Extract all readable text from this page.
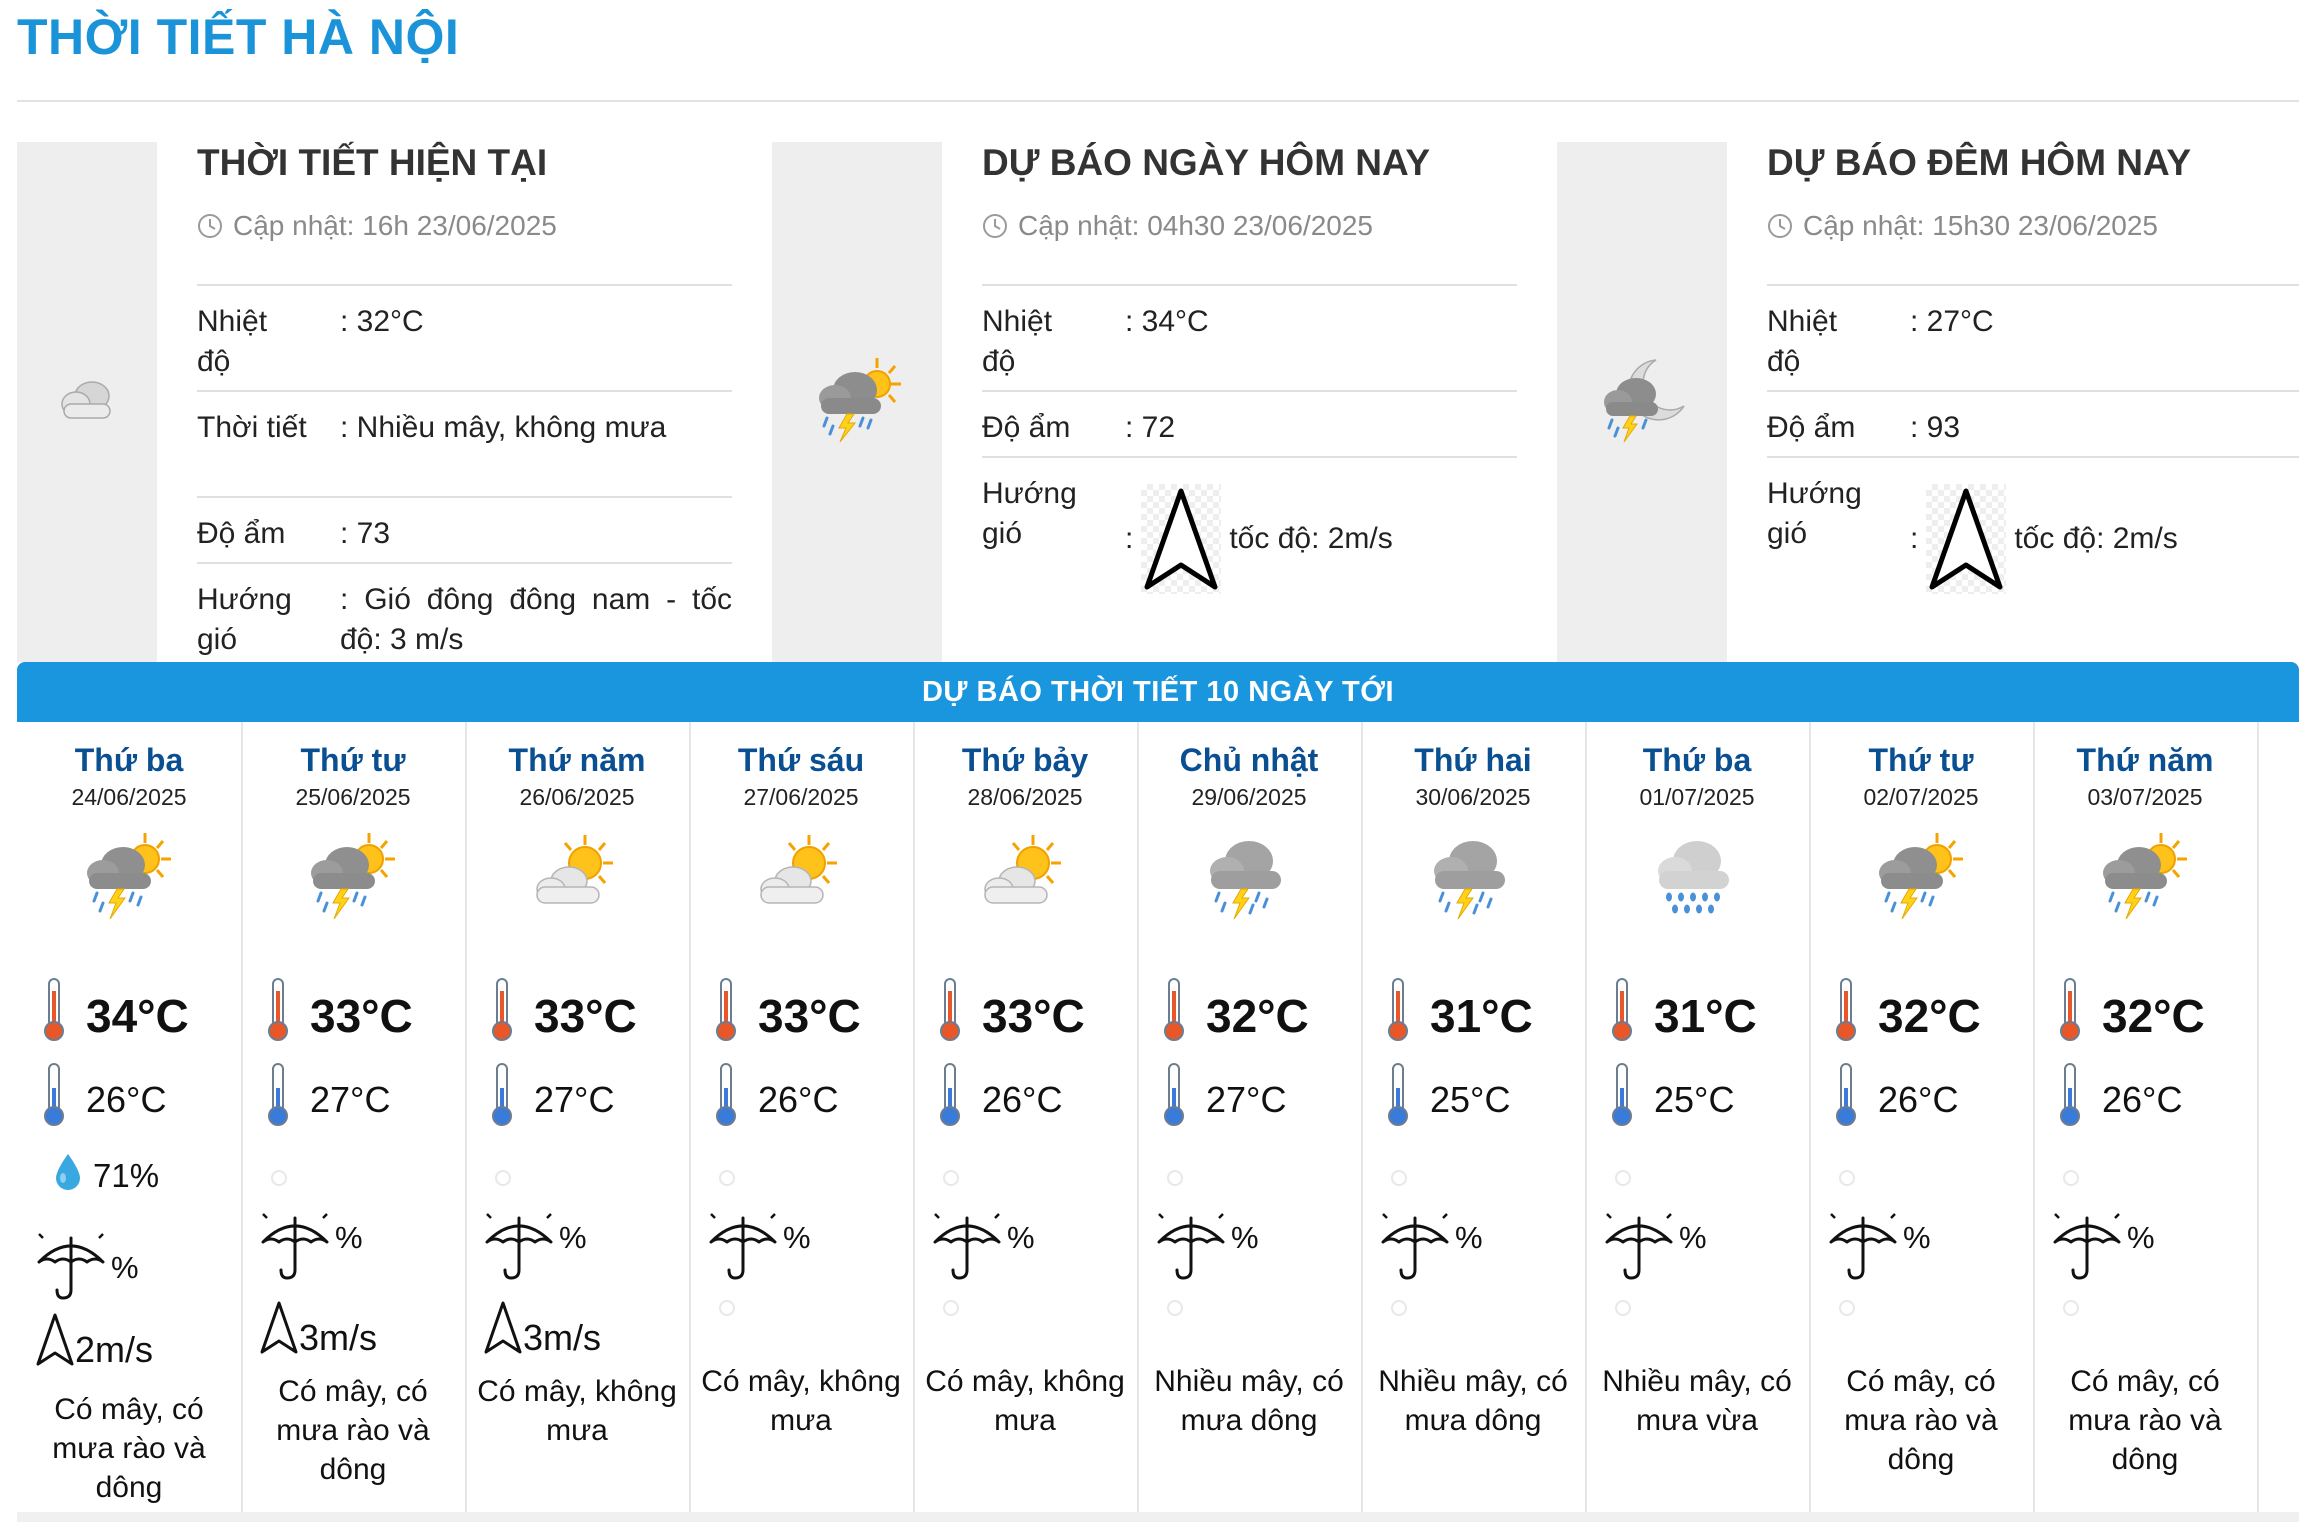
THỜI TIẾT HÀ NỘI
THỜI TIẾT HIỆN TẠI
Cập nhật: 16h 23/06/2025
Nhiệt độ
: 32°C
Thời tiết : Nhiều mây, không mưa
Độ ẩm	: 73
Hướng gió
: Gió đông đông nam - tốc độ: 3 m/s
DỰ BÁO NGÀY HÔM NAY
Cập nhật: 04h30 23/06/2025
Nhiệt độ
: 34°C
Độ ẩm	: 72
Hướng gió	:	tốc độ: 2m/s
DỰ BÁO ĐÊM HÔM NAY
Cập nhật: 15h30 23/06/2025
Nhiệt độ
: 27°C
Độ ẩm	: 93
Hướng gió	:	tốc độ: 2m/s
DỰ BÁO THỜI TIẾT 10 NGÀY TỚI
Thứ ba
24/06/2025
34°C
26°C
71%
%
2m/s
Có mây, có mưa rào và dông
Thứ tư
25/06/2025
33°C
27°C
%
3m/s
Có mây, có mưa rào và dông
Thứ năm
26/06/2025
33°C
27°C
%
3m/s
Có mây, không mưa
Thứ sáu
27/06/2025
33°C
26°C
%
Có mây, không mưa
Thứ bảy
28/06/2025
33°C
26°C
%
Có mây, không mưa
Chủ nhật
29/06/2025
32°C
27°C
%
Nhiều mây, có mưa dông
Thứ hai
30/06/2025
31°C
25°C
%
Nhiều mây, có mưa dông
Thứ ba
01/07/2025
31°C
25°C
%
Nhiều mây, có mưa vừa
Thứ tư
02/07/2025
32°C
26°C
%
Có mây, có mưa rào và dông
Thứ năm
03/07/2025
32°C
26°C
%
Có mây, có mưa rào và dông
